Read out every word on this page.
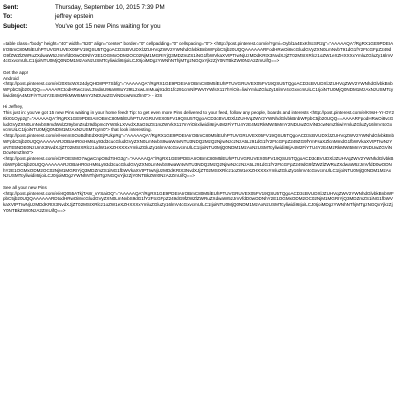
Sent:	Thursday, September 10, 2015 7:39 PM
To:	jeffrey epstein
Subject:	You've got 15 new Pins waiting for you
=table class="body" height="40" width="620" align="center" border="0" cellpadding="0" cellspacing="0"> <http://post.pinterest.com/e/?gmi=Oybl1a4ExKhtcSR2g"="AAAAAQA"/RgRX1GE9PDEIAIrOBmC80M5lEUhPTUVGRUVEX05FV19QSU5TQgoACD3cBVUDXlJZUHVqZWV2YWNhdGlvbkBnbWFpbC5jb20UQQAAAAAARFodHRwOi8vcGludGVyZXN0LmNvbT91dG1fY2FtcGFpZ249dG9fZWZlZWRuZXdwaW5zJmVfdD0wODNhY2E1OGMxODM2OC02NjM1MGRIYjQ3MDZmZS1iNG1fbWVkaXVtPTIwNjUzMDdKRtX3NvdXJjZT02MSIXRlcz1oZW1eXZHXXXxYmluZGluZy16lmV4cGxvcmUlLC1IjoiNTU0MjQ0NDM1MzAxNzUSMTcyliwidiI6IjoiLCJ0IjoiMDgzYWNhNThjMTgzNGQxYjkzZjY0NTBkZWI0NzA2ZmUifQ==>
Get the app!
Android
<http://post.pinterest.com/e/20X5cWX24dyQHD8PP7Sbfg"="AAAAAQA"/RgRX1GE9PDEIAIrOBmC80M5lEUhPTUVGRUVEX05FV19QSU5TQgoACD3cBVUDXlJZUHVqZWV2YWNhdGlvbkBnbWFpbC5jb20UQQ==AAAARCtodHRwczovL3IvdвU96aW8uY29tL2xwLmMuaj91dG1fc291cmNlPWVtYWlsX117hYiOiI=liwiYmluZGluZy16lmV4cGxvcmUiLC1IjoiNTU0MjQ0NDM1MzAxNzUSMTcyliwidiI6IjA4M2FiYTU4YzE4MzRkMWI5MmY2NDUwZGViNDcwNmZlIn0"> - iOS
Hi Jeffrey,
This just in: you've got 15 new Pins waiting in your home feed! Tip: to get even more Pins delivered to your feed, follow any people, boards and interests <http://post.pinterest.com/e/K9sH-Yr-OY2ItkI01Oyp2g"="AAAAAQA"/RgRX1GE9PDEIAIrOBmC80M5lEUhPTUVGRUVEX05FV19QSU5TQgoACD3cBVUDXlJZUHVqZWV2YWNhdGlvbkBnbWFpbC5jb20UQQ==AAAARFpodHRwOi8vcGludGVyZXN0LmNvbS9mdWxlZ29ybmZsdz9dbpmctYWSkLXVvdXJtaGtsZS1mZWVkX117mYiOiIxliwidiI6IjA4M2FiYTU4YzE4MzRkMWI5MmY2NDUwZGViNDcwNmZlIiwiYmluZGluZy16lmV4cGxvcmUiLC1IjoiNTU0MjQ0NDM1MzAxNzUSMTcyIn0"> that look interesting.
<http://post.pinterest.com/e/HenmSOoBdhEdXKEjPUkpRg"="AAAAAQA"/RgRX1GE9PDEIAIrOBmC80M5lEUhPTUVGRUVEX05FV19QSU5TQgoACD3cBVUDXlJZUHVqZWV2YWNhdGlvbkBnbWFpbC5jb20UQQAAAAAARJOBaHR0cHM6Ly93d3cucGludGVyZXN0LmNvbS9waW4vNTU3NDQ2MzQ2NjIwNzczNzA5Lz91dG1fY2FtcGFpZ249ZG9fYmFsaXZlcnMmdG1fbWVkaXVtPTIwNzYxNTE5NDE0NzUmX3NvdXJjZT02MSIXRlcz1odW1eXZHXXXxYmluZGluZy16lmV4cGxvcmUlLC1IjoiNTU0MjQ0NDM1MzAxNzUSMTcyliwidiI6IjA4M2FiYTU4YzE4MzRkMWI5MmY2NDUwZGViNDcwNmZlIn0">
<http://post.pinterest.com/e/2FOESMO7wgwCnpO8d7tHG3g"="AAAAAQA"/RgRX1GE9PDEIAIrOBmC80M5lEUhPTUVGRUVEX05FV19QSU5TQgoACD3cBVUDXlJZUHVqZWV2YWNhdGlvbkBnbWFpbC5jb20UQQAAAAAARJOBaHR0cHM6Ly93d3cucGludGVyZXN0LmNvbS9waW4vNTU3NDQ2MzQ2NjIwNzczNzA5Lz91dG1fY2FtcGFpZ249dG9fZWZlZWRuZXdwaW5zJmVfdD0wODNhY2E1OGMxODM2OC02NjM1MGRIYjQ3MDZmZS1iNG1fbWVkaXVtPTIwNjUzMDdKRtX3NvdXJjZT02MSIXRlcz1oZW1eXZHXXXxYmluZGluZy16lmV4cGxvcmUlLC1IjoiNTU0MjQ0NDM1MzAxNzUSMTcyliwidiI6IjoiLCJ0IjoiMDgzYWNhNThjMTgzNGQxYjkzZjY0NTBkZWI0NzA2ZmUifQ==>
See all your new Pins
<http://post.pinterest.com/e/eIQ055ATkjTA8r_vYSaiOQ"="AAAAAQA"/RgRX1GE9PDEIAIrOBmC80M5lEUhPTUVGRUVEX05FV19QSU5TQgoACD3cBVUDXlJZUHVqZWV2YWNhdGlvbkBnbWFpbC5jb20UQQAAAAAARDtodHRwOi8vcGludGVyZXN0LmNvbS9dG1fY2FtcGFpZ249dG9fZWZlZWRuZXdwaW5zJmVfdD0wODNhY2E1OGMxODM2OC02NjM1MGRIYjQ3MDZmZS1iNG1fbWVkaXVtPTIwNjUzMDdKRtX3NvdXJjZT02MSIXRlcz1oZW1eXZHXXXxYmluZGluZy16lmV4cGxvcmUlLC1IjoiNTU0MjQ0NDM1MzAxNzUSMTcyliwidiI6IjoiLCJ0IjoiMDgzYWNhNThjMTgzNGQxYjkzZjY0NTBkZWI0NzA2ZmUifQ==>
